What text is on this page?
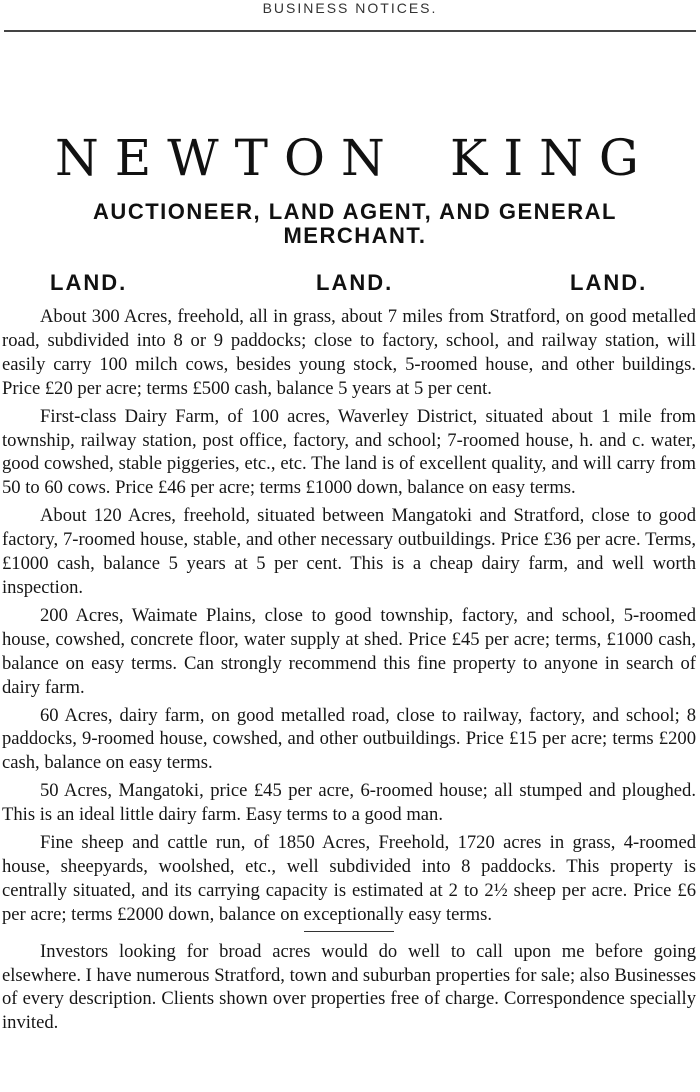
BUSINESS NOTICES.
NEWTON KING
AUCTIONEER, LAND AGENT, AND GENERAL MERCHANT.
LAND.	LAND.	LAND.

About 300 Acres, freehold, all in grass, about 7 miles from Stratford, on good metalled road, subdivided into 8 or 9 paddocks; close to factory, school, and railway station, will easily carry 100 milch cows, besides young stock, 5-roomed house, and other buildings. Price £20 per acre; terms £500 cash, balance 5 years at 5 per cent.

First-class Dairy Farm, of 100 acres, Waverley District, situated about 1 mile from township, railway station, post office, factory, and school; 7-roomed house, h. and c. water, good cowshed, stable piggeries, etc., etc. The land is of excellent quality, and will carry from 50 to 60 cows. Price £46 per acre; terms £1000 down, balance on easy terms.

About 120 Acres, freehold, situated between Mangatoki and Stratford, close to good factory, 7-roomed house, stable, and other necessary outbuildings. Price £36 per acre. Terms, £1000 cash, balance 5 years at 5 per cent. This is a cheap dairy farm, and well worth inspection.

200 Acres, Waimate Plains, close to good township, factory, and school, 5-roomed house, cowshed, concrete floor, water supply at shed. Price £45 per acre; terms, £1000 cash, balance on easy terms. Can strongly recommend this fine property to anyone in search of dairy farm.

60 Acres, dairy farm, on good metalled road, close to railway, factory, and school; 8 paddocks, 9-roomed house, cowshed, and other outbuildings. Price £15 per acre; terms £200 cash, balance on easy terms.

50 Acres, Mangatoki, price £45 per acre, 6-roomed house; all stumped and ploughed. This is an ideal little dairy farm. Easy terms to a good man.

Fine sheep and cattle run, of 1850 Acres, Freehold, 1720 acres in grass, 4-roomed house, sheepyards, woolshed, etc., well subdivided into 8 paddocks. This property is centrally situated, and its carrying capacity is estimated at 2 to 2½ sheep per acre. Price £6 per acre; terms £2000 down, balance on exceptionally easy terms.

Investors looking for broad acres would do well to call upon me before going elsewhere. I have numerous Stratford, town and suburban properties for sale; also Businesses of every description. Clients shown over properties free of charge. Correspondence specially invited.
